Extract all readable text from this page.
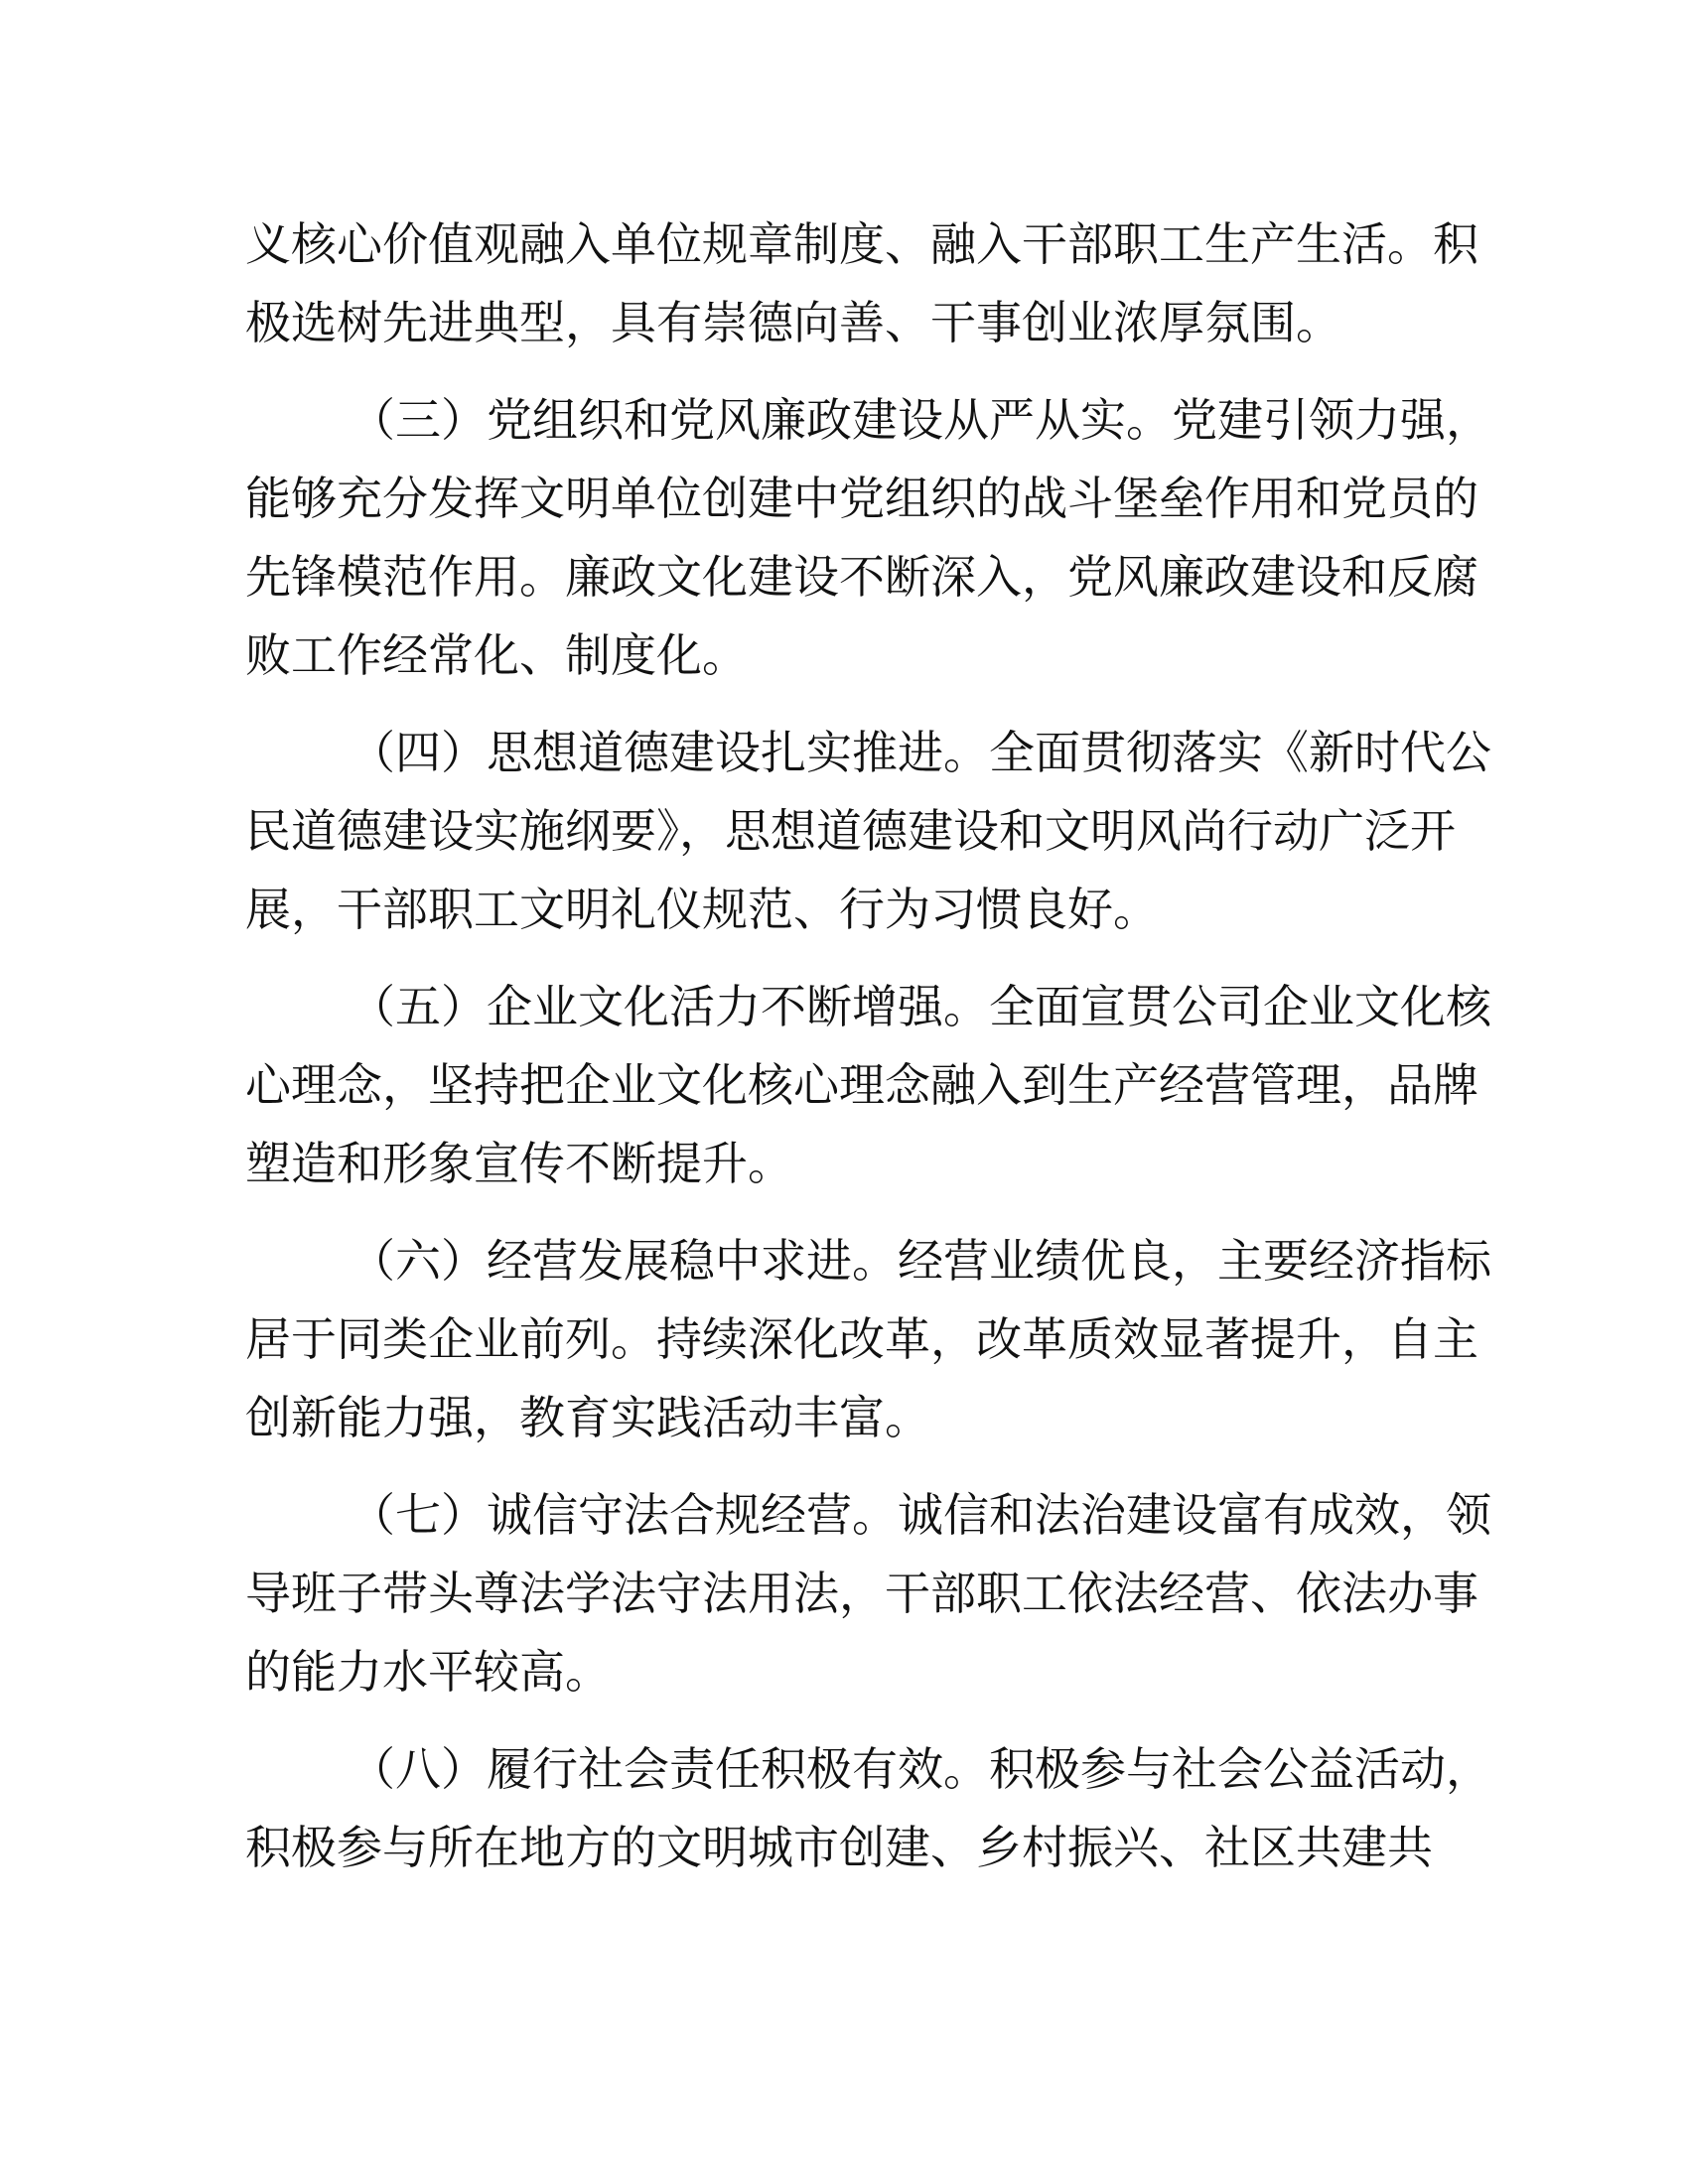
义核心价值观融入单位规章制度、融入干部职工生产生活。积
极选树先进典型，具有崇德向善、干事创业浓厚氛围。
（三）党组织和党风廉政建设从严从实。党建引领力强，
能够充分发挥文明单位创建中党组织的战斗堡垒作用和党员的
先锋模范作用。廉政文化建设不断深入，党风廉政建设和反腐
败工作经常化、制度化。
（四）思想道德建设扎实推进。全面贯彻落实《新时代公
民道德建设实施纲要》，思想道德建设和文明风尚行动广泛开
展，干部职工文明礼仪规范、行为习惯良好。
（五）企业文化活力不断增强。全面宣贯公司企业文化核
心理念，坚持把企业文化核心理念融入到生产经营管理，品牌
塑造和形象宣传不断提升。
（六）经营发展稳中求进。经营业绩优良，主要经济指标
居于同类企业前列。持续深化改革，改革质效显著提升，自主
创新能力强，教育实践活动丰富。
（七）诚信守法合规经营。诚信和法治建设富有成效，领
导班子带头尊法学法守法用法，干部职工依法经营、依法办事
的能力水平较高。
（八）履行社会责任积极有效。积极参与社会公益活动，
积极参与所在地方的文明城市创建、乡村振兴、社区共建共
